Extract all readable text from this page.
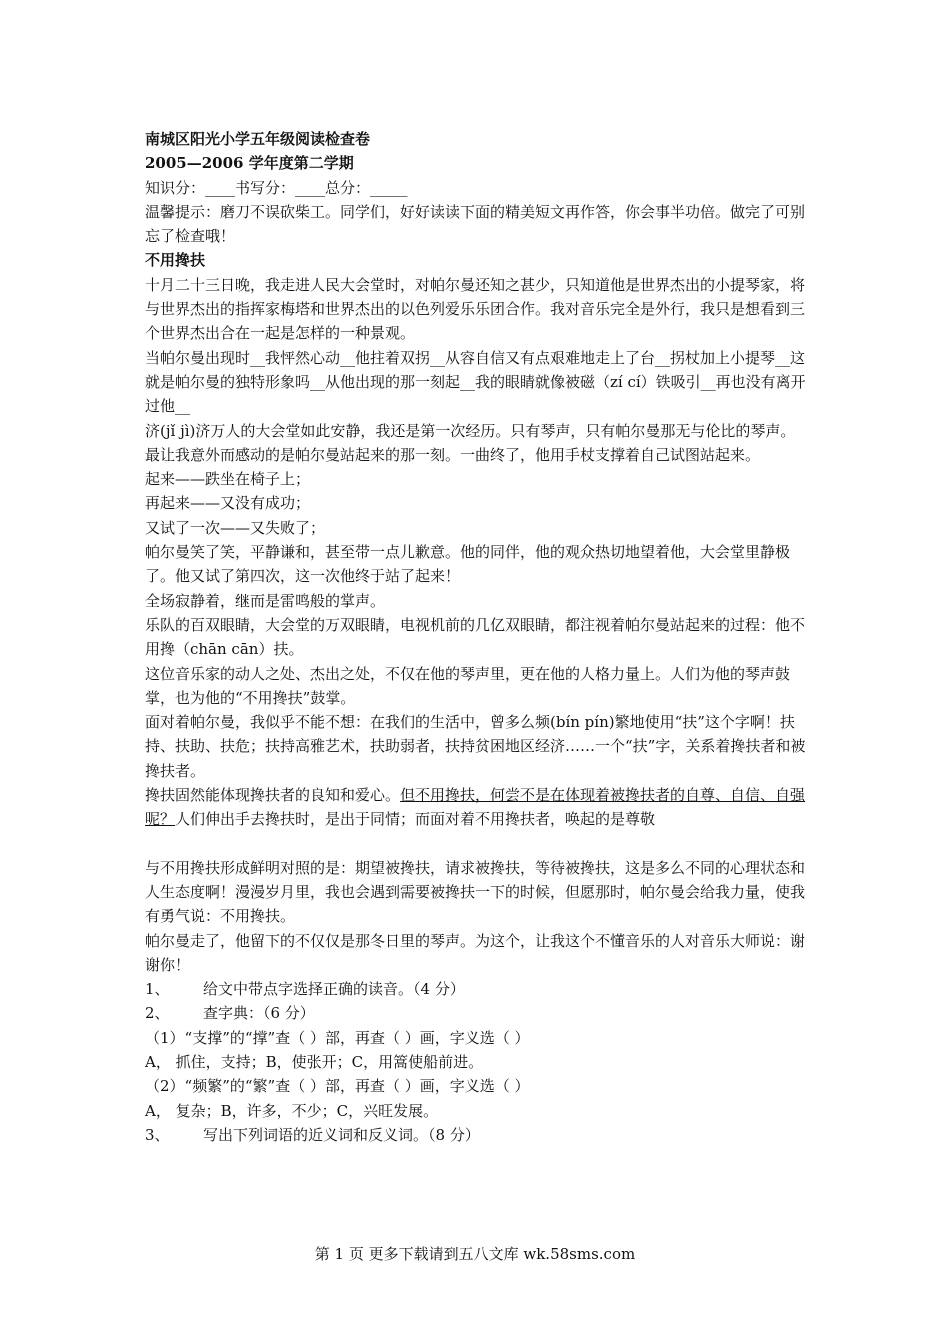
南城区阳光小学五年级阅读检查卷

2005—2006 学年度第二学期

知识分：____书写分：____总分：_____

温馨提示：磨刀不误砍柴工。同学们，好好读读下面的精美短文再作答，你会事半功倍。做完了可别忘了检查哦！

不用搀扶

十月二十三日晚，我走进人民大会堂时，对帕尔曼还知之甚少，只知道他是世界杰出的小提琴家，将与世界杰出的指挥家梅塔和世界杰出的以色列爱乐乐团合作。我对音乐完全是外行，我只是想看到三个世界杰出合在一起是怎样的一种景观。

当帕尔曼出现时__我怦然心动__他拄着双拐__从容自信又有点艰难地走上了台__拐杖加上小提琴__这就是帕尔曼的独特形象吗__从他出现的那一刻起__我的眼睛就像被磁（zí cí）铁吸引__再也没有离开过他__

济(jǐ jì)济万人的大会堂如此安静，我还是第一次经历。只有琴声，只有帕尔曼那无与伦比的琴声。

最让我意外而感动的是帕尔曼站起来的那一刻。一曲终了，他用手杖支撑着自己试图站起来。

起来——跌坐在椅子上；

再起来——又没有成功；

又试了一次——又失败了；

帕尔曼笑了笑，平静谦和，甚至带一点儿歉意。他的同伴，他的观众热切地望着他，大会堂里静极了。他又试了第四次，这一次他终于站了起来！

全场寂静着，继而是雷鸣般的掌声。

乐队的百双眼睛，大会堂的万双眼睛，电视机前的几亿双眼睛，都注视着帕尔曼站起来的过程：他不用搀（chān cān）扶。

这位音乐家的动人之处、杰出之处，不仅在他的琴声里，更在他的人格力量上。人们为他的琴声鼓掌，也为他的“不用搀扶”鼓掌。

面对着帕尔曼，我似乎不能不想：在我们的生活中，曾多么频(bín pín)繁地使用“扶”这个字啊！扶持、扶助、扶危；扶持高雅艺术，扶助弱者，扶持贫困地区经济……一个“扶”字，关系着搀扶者和被搀扶者。

搀扶固然能体现搀扶者的良知和爱心。但不用搀扶，何尝不是在体现着被搀扶者的自尊、自信、自强呢？人们伸出手去搀扶时，是出于同情；而面对着不用搀扶者，唤起的是尊敬

与不用搀扶形成鲜明对照的是：期望被搀扶，请求被搀扶，等待被搀扶，这是多么不同的心理状态和人生态度啊！漫漫岁月里，我也会遇到需要被搀扶一下的时候，但愿那时，帕尔曼会给我力量，使我有勇气说：不用搀扶。

帕尔曼走了，他留下的不仅仅是那冬日里的琴声。为这个，让我这个不懂音乐的人对音乐大师说：谢谢你！

1、	给文中带点字选择正确的读音。（4 分）

2、	查字典：（6 分）

（1）“支撑”的“撑”查（ ）部，再查（ ）画，字义选（ ）

A， 抓住，支持；B，使张开；C，用篙使船前进。

（2）“频繁”的“繁”查（ ）部，再查（ ）画，字义选（ ）

A， 复杂；B，许多，不少；C，兴旺发展。

3、	写出下列词语的近义词和反义词。（8 分）

第 1 页 更多下载请到五八文库 wk.58sms.com
